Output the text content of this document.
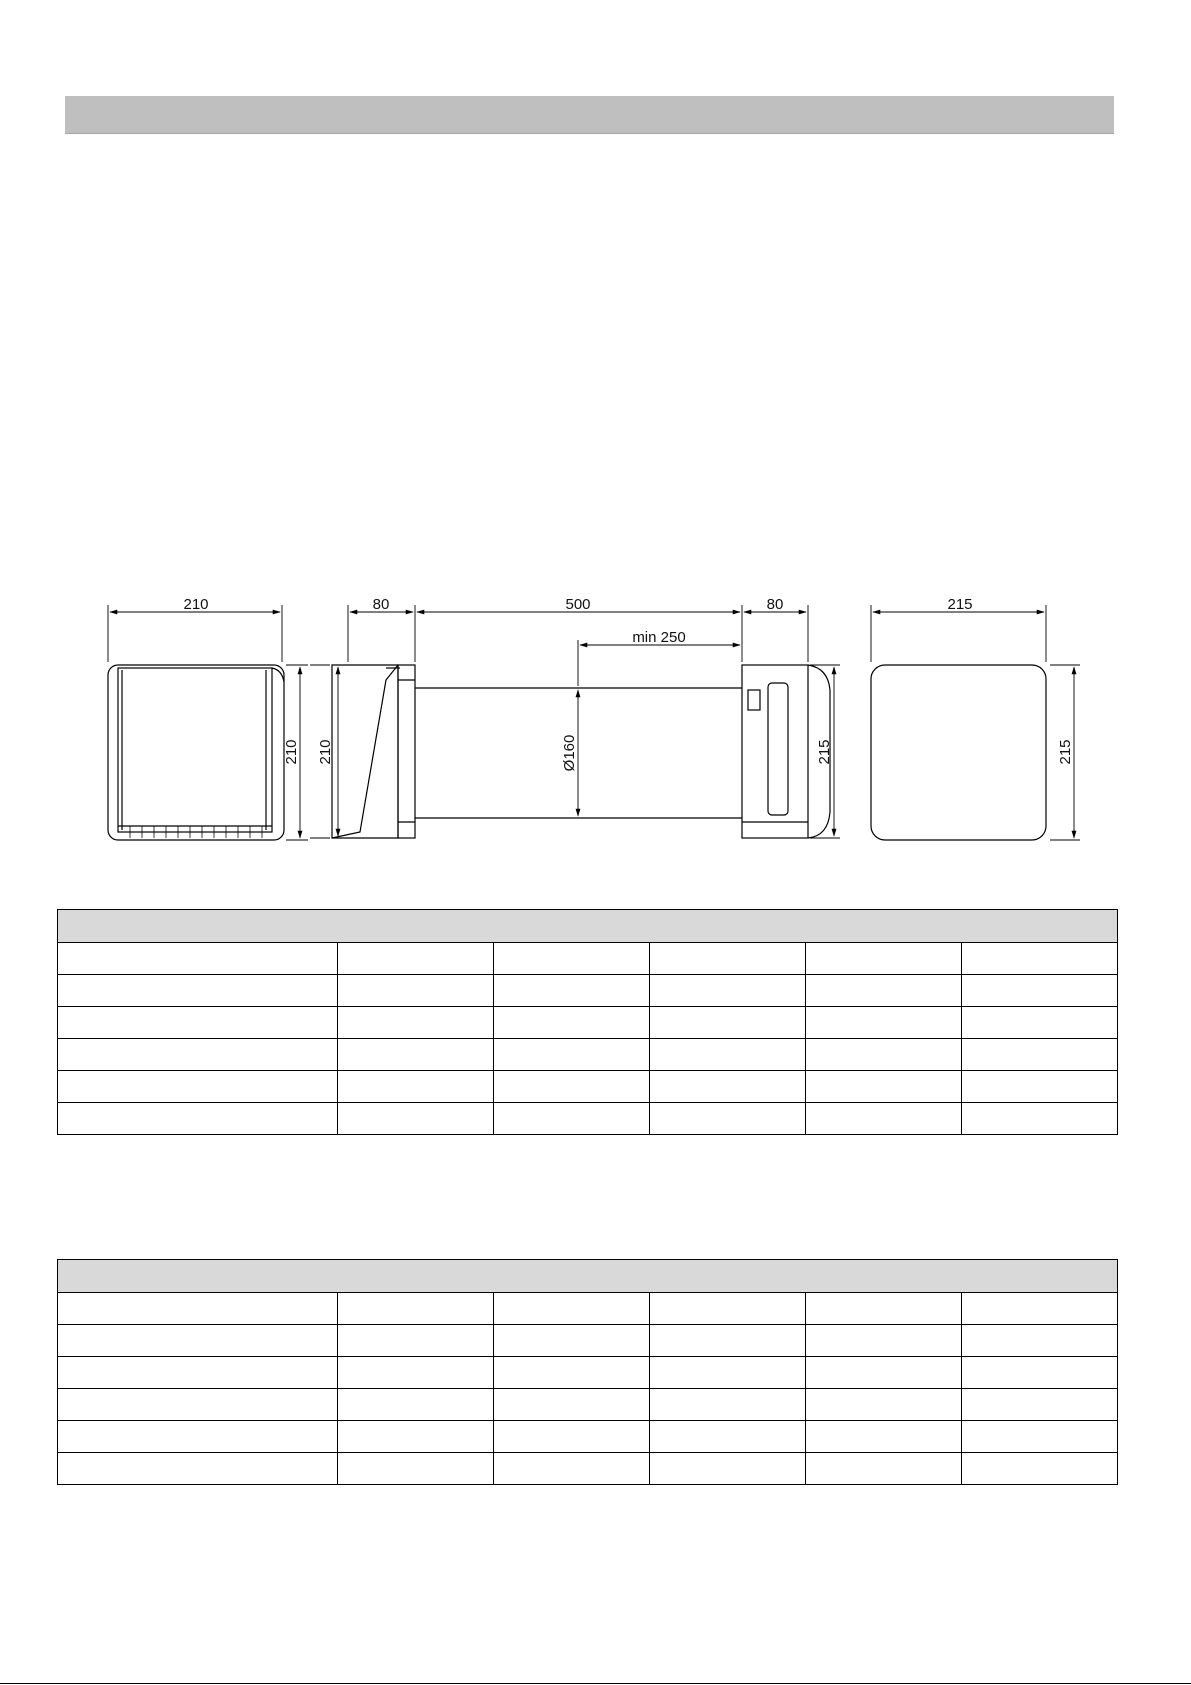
210
210
80	500	80
min 250
Ø160
210	215
215
215
